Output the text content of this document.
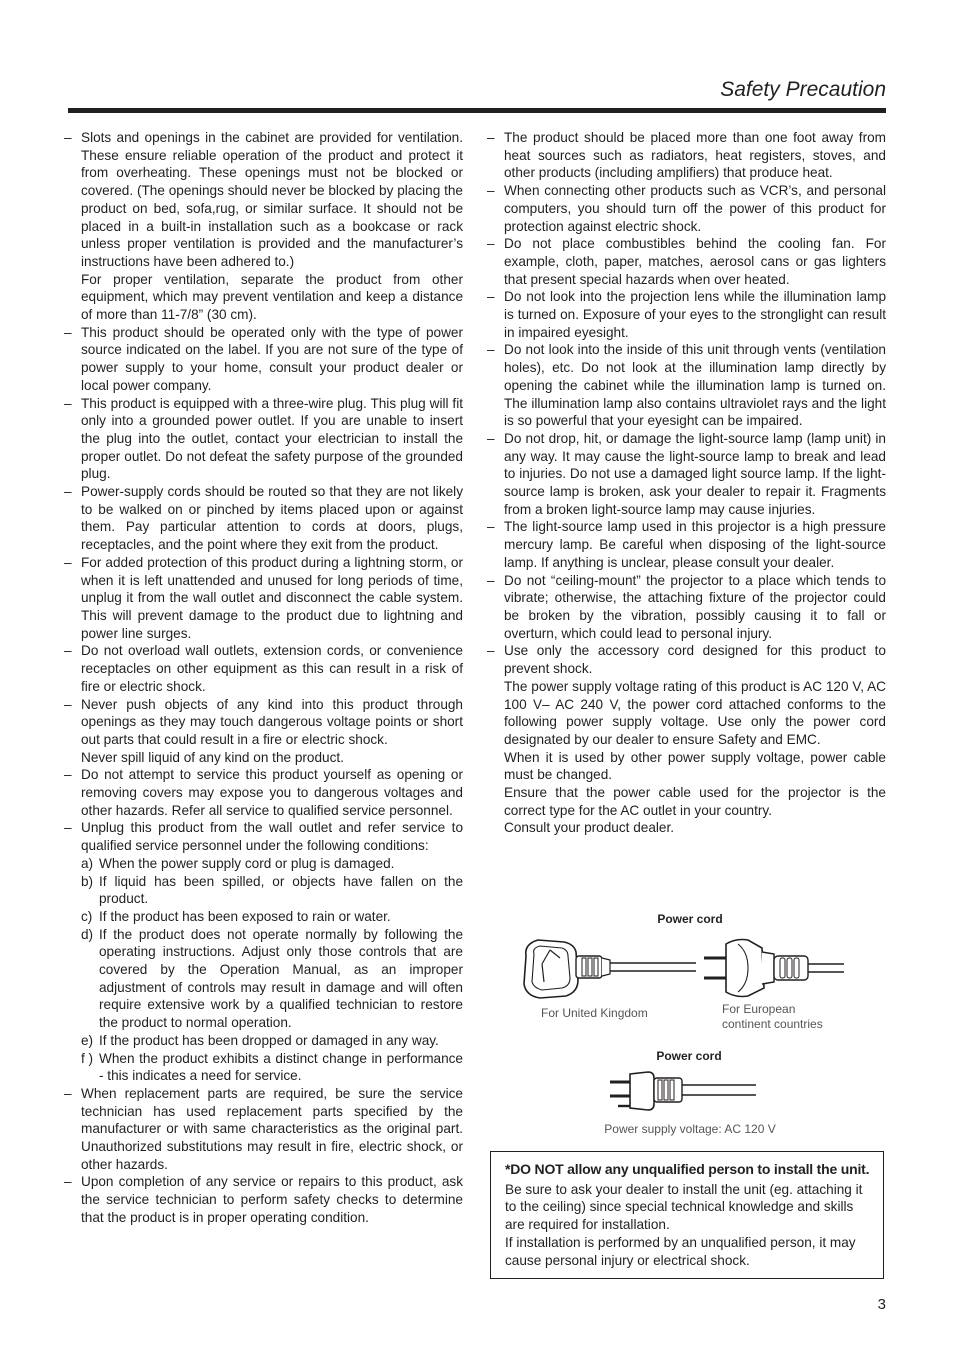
Safety Precaution
– Slots and openings in the cabinet are provided for ventilation. These ensure reliable operation of the product and protect it from overheating. These openings must not be blocked or covered. (The openings should never be blocked by placing the product on bed, sofa,rug, or similar surface. It should not be placed in a built-in installation such as a bookcase or rack unless proper ventilation is provided and the manufacturer’s instructions have been adhered to.)

For proper ventilation, separate the product from other equipment, which may prevent ventilation and keep a distance of more than 11-7/8” (30 cm).

– This product should be operated only with the type of power source indicated on the label. If you are not sure of the type of power supply to your home, consult your product dealer or local power company.

– This product is equipped with a three-wire plug. This plug will fit only into a grounded power outlet. If you are unable to insert the plug into the outlet, contact your electrician to install the proper outlet. Do not defeat the safety purpose of the grounded plug.

– Power-supply cords should be routed so that they are not likely to be walked on or pinched by items placed upon or against them. Pay particular attention to cords at doors, plugs, receptacles, and the point where they exit from the product.

– For added protection of this product during a lightning storm, or when it is left unattended and unused for long periods of time, unplug it from the wall outlet and disconnect the cable system. This will prevent damage to the product due to lightning and power line surges.

– Do not overload wall outlets, extension cords, or convenience receptacles on other equipment as this can result in a risk of fire or electric shock.

– Never push objects of any kind into this product through openings as they may touch dangerous voltage points or short out parts that could result in a fire or electric shock.

Never spill liquid of any kind on the product.

– Do not attempt to service this product yourself as opening or removing covers may expose you to dangerous voltages and other hazards. Refer all service to qualified service personnel.

– Unplug this product from the wall outlet and refer service to qualified service personnel under the following conditions:

a) When the power supply cord or plug is damaged.
b) If liquid has been spilled, or objects have fallen on the product.
c) If the product has been exposed to rain or water.
d) If the product does not operate normally by following the operating instructions. Adjust only those controls that are covered by the Operation Manual, as an improper adjustment of controls may result in damage and will often require extensive work by a qualified technician to restore the product to normal operation.
e) If the product has been dropped or damaged in any way.
f ) When the product exhibits a distinct change in performance - this indicates a need for service.
– When replacement parts are required, be sure the service technician has used replacement parts specified by the manufacturer or with same characteristics as the original part. Unauthorized substitutions may result in fire, electric shock, or other hazards.

– Upon completion of any service or repairs to this product, ask the service technician to perform safety checks to determine that the product is in proper operating condition.

– The product should be placed more than one foot away from heat sources such as radiators, heat registers, stoves, and other products (including amplifiers) that produce heat.

– When connecting other products such as VCR’s, and personal computers, you should turn off the power of this product for protection against electric shock.

– Do not place combustibles behind the cooling fan. For example, cloth, paper, matches, aerosol cans or gas lighters that present special hazards when over heated.

– Do not look into the projection lens while the illumination lamp is turned on. Exposure of your eyes to the stronglight can result in impaired eyesight.

– Do not look into the inside of this unit through vents (ventilation holes), etc. Do not look at the illumination lamp directly by opening the cabinet while the illumination lamp is turned on. The illumination lamp also contains ultraviolet rays and the light is so powerful that your eyesight can be impaired.

– Do not drop, hit, or damage the light-source lamp (lamp unit) in any way. It may cause the light-source lamp to break and lead to injuries. Do not use a damaged light source lamp. If the light-source lamp is broken, ask your dealer to repair it. Fragments from a broken light-source lamp may cause injuries.

– The light-source lamp used in this projector is a high pressure mercury lamp. Be careful when disposing of the light-source lamp. If anything is unclear, please consult your dealer.

– Do not “ceiling-mount” the projector to a place which tends to vibrate; otherwise, the attaching fixture of the projector could be broken by the vibration, possibly causing it to fall or overturn, which could lead to personal injury.

– Use only the accessory cord designed for this product to prevent shock.

The power supply voltage rating of this product is AC 120 V, AC 100 V– AC 240 V, the power cord attached conforms to the following power supply voltage. Use only the power cord designated by our dealer to ensure Safety and EMC.

When it is used by other power supply voltage, power cable must be changed.

Ensure that the power cable used for the projector is the correct type for the AC outlet in your country.

Consult your product dealer.

Power cord
For United Kingdom	For European continent countries
Power cord
Power supply voltage: AC 120 V
*DO NOT allow any unqualified person to install the unit.

Be sure to ask your dealer to install the unit (eg. attaching it to the ceiling) since special technical knowledge and skills are required for installation.

If installation is performed by an unqualified person, it may cause personal injury or electrical shock.

3
